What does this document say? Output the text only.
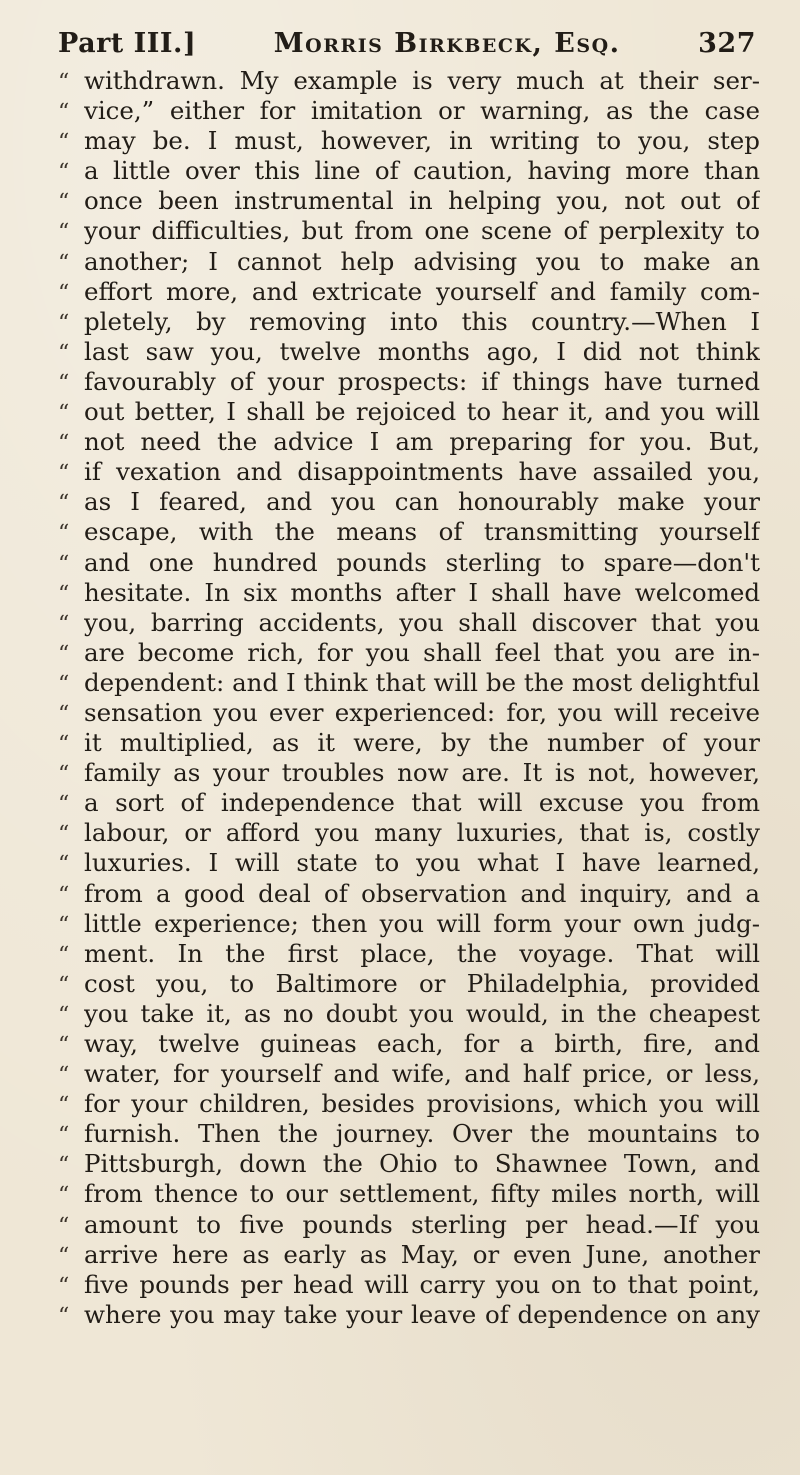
Part III.]	Morris Birkbeck, Esq.	327
“ withdrawn. My example is very much at their ser-
“ vice,” either for imitation or warning, as the case
“ may be. I must, however, in writing to you, step
“ a little over this line of caution, having more than
“ once been instrumental in helping you, not out of
“ your difficulties, but from one scene of perplexity to
“ another; I cannot help advising you to make an
“ effort more, and extricate yourself and family com-
“ pletely, by removing into this country.—When I
“ last saw you, twelve months ago, I did not think
“ favourably of your prospects: if things have turned
“ out better, I shall be rejoiced to hear it, and you will
“ not need the advice I am preparing for you. But,
“ if vexation and disappointments have assailed you,
“ as I feared, and you can honourably make your
“ escape, with the means of transmitting yourself
“ and one hundred pounds sterling to spare—don't
“ hesitate. In six months after I shall have welcomed
“ you, barring accidents, you shall discover that you
“ are become rich, for you shall feel that you are in-
“ dependent: and I think that will be the most delightful
“ sensation you ever experienced: for, you will receive
“ it multiplied, as it were, by the number of your
“ family as your troubles now are. It is not, however,
“ a sort of independence that will excuse you from
“ labour, or afford you many luxuries, that is, costly
“ luxuries. I will state to you what I have learned,
“ from a good deal of observation and inquiry, and a
“ little experience; then you will form your own judg-
“ ment. In the first place, the voyage. That will
“ cost you, to Baltimore or Philadelphia, provided
“ you take it, as no doubt you would, in the cheapest
“ way, twelve guineas each, for a birth, fire, and
“ water, for yourself and wife, and half price, or less,
“ for your children, besides provisions, which you will
“ furnish. Then the journey. Over the mountains to
“ Pittsburgh, down the Ohio to Shawnee Town, and
“ from thence to our settlement, fifty miles north, will
“ amount to five pounds sterling per head.—If you
“ arrive here as early as May, or even June, another
“ five pounds per head will carry you on to that point,
“ where you may take your leave of dependence on any
